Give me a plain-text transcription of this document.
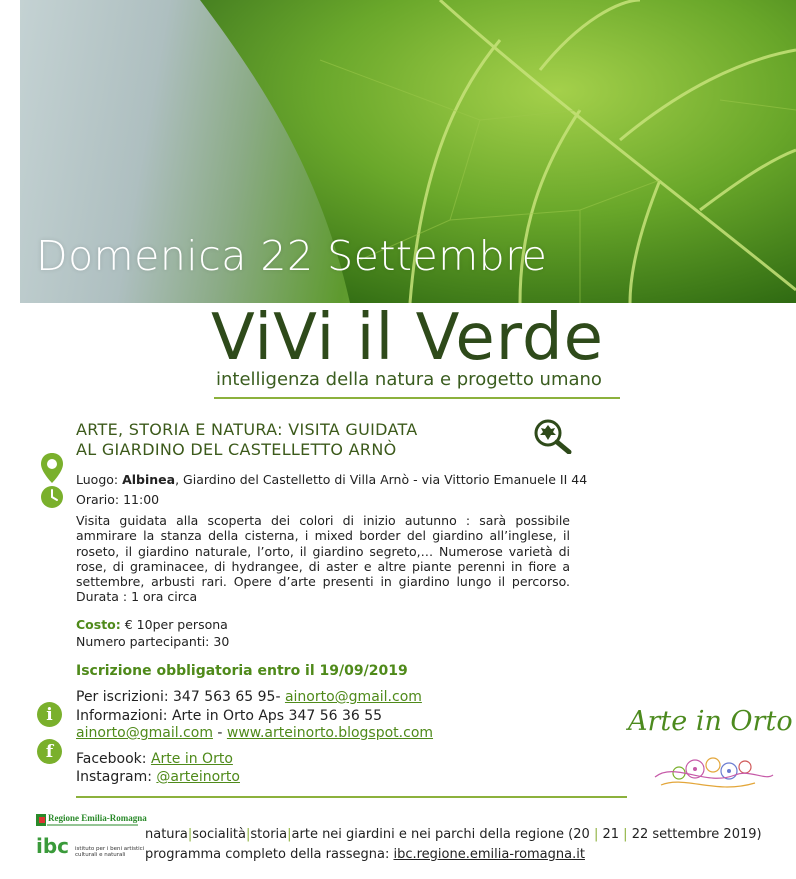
Domenica 22 Settembre
ViVi il Verde
intelligenza della natura e progetto umano
ARTE, STORIA E NATURA: VISITA GUIDATA
AL GIARDINO DEL CASTELLETTO ARNÒ
Luogo: Albinea, Giardino del Castelletto di Villa Arnò - via Vittorio Emanuele II 44
Orario: 11:00
Visita guidata alla scoperta dei colori di inizio autunno : sarà possibile ammirare la stanza della cisterna, i mixed border del giardino all’inglese, il roseto, il giardino naturale, l’orto, il giardino segreto,… Numerose varietà di rose, di graminacee, di hydrangee, di aster e altre piante perenni in fiore a settembre, arbusti rari. Opere d’arte presenti in giardino lungo il percorso. Durata : 1 ora circa
Costo: € 10per persona
Numero partecipanti: 30
Iscrizione obbligatoria entro il 19/09/2019
i
f
Per iscrizioni: 347 563 65 95- ainorto@gmail.com
Informazioni: Arte in Orto Aps 347 56 36 55
ainorto@gmail.com - www.arteinorto.blogspot.com
Facebook: Arte in Orto
Instagram: @arteinorto
Arte in Orto
Regione Emilia-Romagna
ibc istituto per i beni artistici culturali e naturali
natura|socialità|storia|arte nei giardini e nei parchi della regione (20 | 21 | 22 settembre 2019)
programma completo della rassegna: ibc.regione.emilia-romagna.it
